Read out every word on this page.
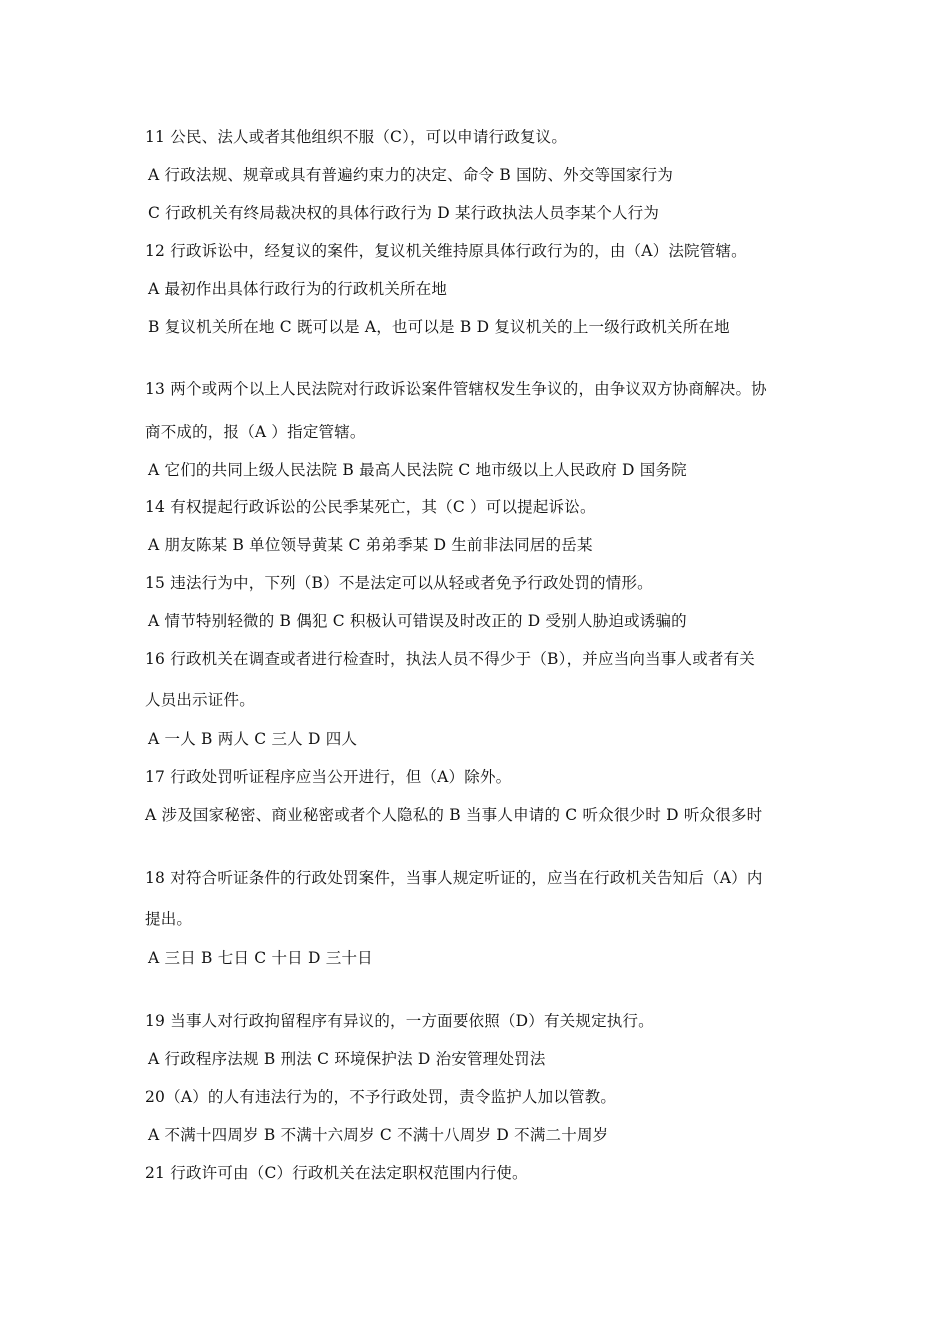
11 公民、法人或者其他组织不服（C），可以申请行政复议。
A 行政法规、规章或具有普遍约束力的决定、命令 B 国防、外交等国家行为
C 行政机关有终局裁决权的具体行政行为 D 某行政执法人员李某个人行为
12 行政诉讼中，经复议的案件，复议机关维持原具体行政行为的，由（A）法院管辖。
A 最初作出具体行政行为的行政机关所在地
B 复议机关所在地 C 既可以是 A，也可以是 B D 复议机关的上一级行政机关所在地
13 两个或两个以上人民法院对行政诉讼案件管辖权发生争议的，由争议双方协商解决。协
商不成的，报（A ）指定管辖。
A 它们的共同上级人民法院 B 最高人民法院 C 地市级以上人民政府 D 国务院
14 有权提起行政诉讼的公民季某死亡，其（C ）可以提起诉讼。
A 朋友陈某 B 单位领导黄某 C 弟弟季某 D 生前非法同居的岳某
15 违法行为中，下列（B）不是法定可以从轻或者免予行政处罚的情形。
A 情节特别轻微的 B 偶犯 C 积极认可错误及时改正的 D 受别人胁迫或诱骗的
16 行政机关在调查或者进行检查时，执法人员不得少于（B），并应当向当事人或者有关
人员出示证件。
A 一人 B 两人 C 三人 D 四人
17 行政处罚听证程序应当公开进行，但（A）除外。
A 涉及国家秘密、商业秘密或者个人隐私的 B 当事人申请的 C 听众很少时 D 听众很多时
18 对符合听证条件的行政处罚案件，当事人规定听证的，应当在行政机关告知后（A）内
提出。
A 三日 B 七日 C 十日 D 三十日
19 当事人对行政拘留程序有异议的，一方面要依照（D）有关规定执行。
A 行政程序法规 B 刑法 C 环境保护法 D 治安管理处罚法
20（A）的人有违法行为的，不予行政处罚，责令监护人加以管教。
A 不满十四周岁 B 不满十六周岁 C 不满十八周岁 D 不满二十周岁
21 行政许可由（C）行政机关在法定职权范围内行使。
